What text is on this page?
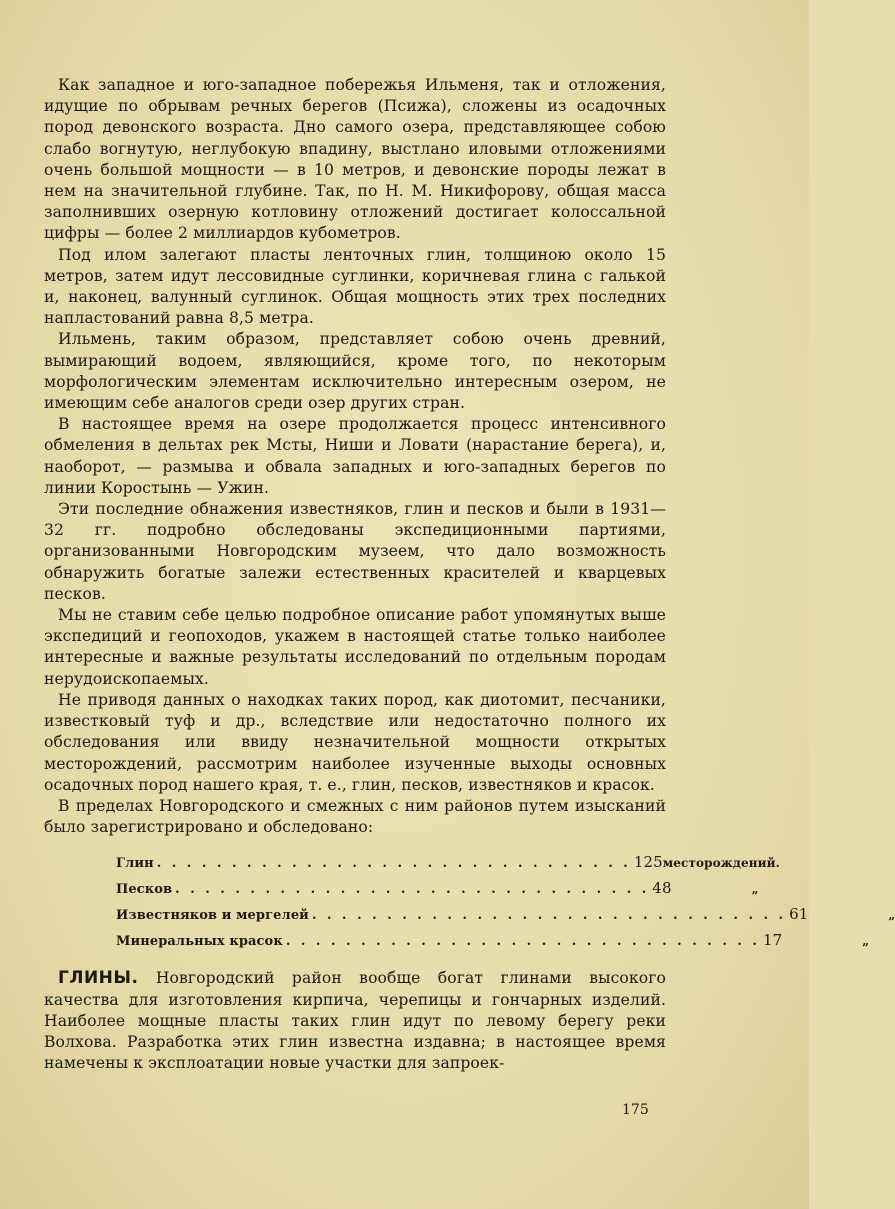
Как западное и юго-западное побережья Ильменя, так и отложения, идущие по обрывам речных берегов (Псижа), сложены из осадочных пород девонского возраста. Дно самого озера, представляющее собою слабо вогнутую, неглубокую впадину, выстлано иловыми отложениями очень большой мощности — в 10 метров, и девонские породы лежат в нем на значительной глубине. Так, по Н. М. Никифорову, общая масса заполнивших озерную котловину отложений достигает колоссальной цифры — более 2 миллиардов кубометров.

Под илом залегают пласты ленточных глин, толщиною около 15 метров, затем идут лессовидные суглинки, коричневая глина с галькой и, наконец, валунный суглинок. Общая мощность этих трех последних напластований равна 8,5 метра.

Ильмень, таким образом, представляет собою очень древний, вымирающий водоем, являющийся, кроме того, по некоторым морфологическим элементам исключительно интересным озером, не имеющим себе аналогов среди озер других стран.

В настоящее время на озере продолжается процесс интенсивного обмеления в дельтах рек Мсты, Ниши и Ловати (нарастание берега), и, наоборот, — размыва и обвала западных и юго-западных берегов по линии Коростынь — Ужин.

Эти последние обнажения известняков, глин и песков и были в 1931—32 гг. подробно обследованы экспедиционными партиями, организованными Новгородским музеем, что дало возможность обнаружить богатые залежи естественных красителей и кварцевых песков.

Мы не ставим себе целью подробное описание работ упомянутых выше экспедиций и геопоходов, укажем в настоящей статье только наиболее интересные и важные результаты исследований по отдельным породам нерудоископаемых.

Не приводя данных о находках таких пород, как диотомит, песчаники, известковый туф и др., вследствие или недостаточно полного их обследования или ввиду незначительной мощности открытых месторождений, рассмотрим наиболее изученные выходы основных осадочных пород нашего края, т. е., глин, песков, известняков и красок.

В пределах Новгородского и смежных с ним районов путем изысканий было зарегистрировано и обследовано:

Глин . . . . . . . . . . . . . . . . . . . . . . . . . . . . . . . . 125 месторождений.
Песков . . . . . . . . . . . . . . . . . . . . . . . . . . . . . . . . 48	„
Известняков и мергелей . . . . . . . . . . . . . . . . . . . . . . . . . . . . . . . . 61	„
Минеральных красок . . . . . . . . . . . . . . . . . . . . . . . . . . . . . . . . 17	„

ГЛИНЫ. Новгородский район вообще богат глинами высокого качества для изготовления кирпича, черепицы и гончарных изделий. Наиболее мощные пласты таких глин идут по левому берегу реки Волхова. Разработка этих глин известна издавна; в настоящее время намечены к эксплоатации новые участки для запроек-

175
